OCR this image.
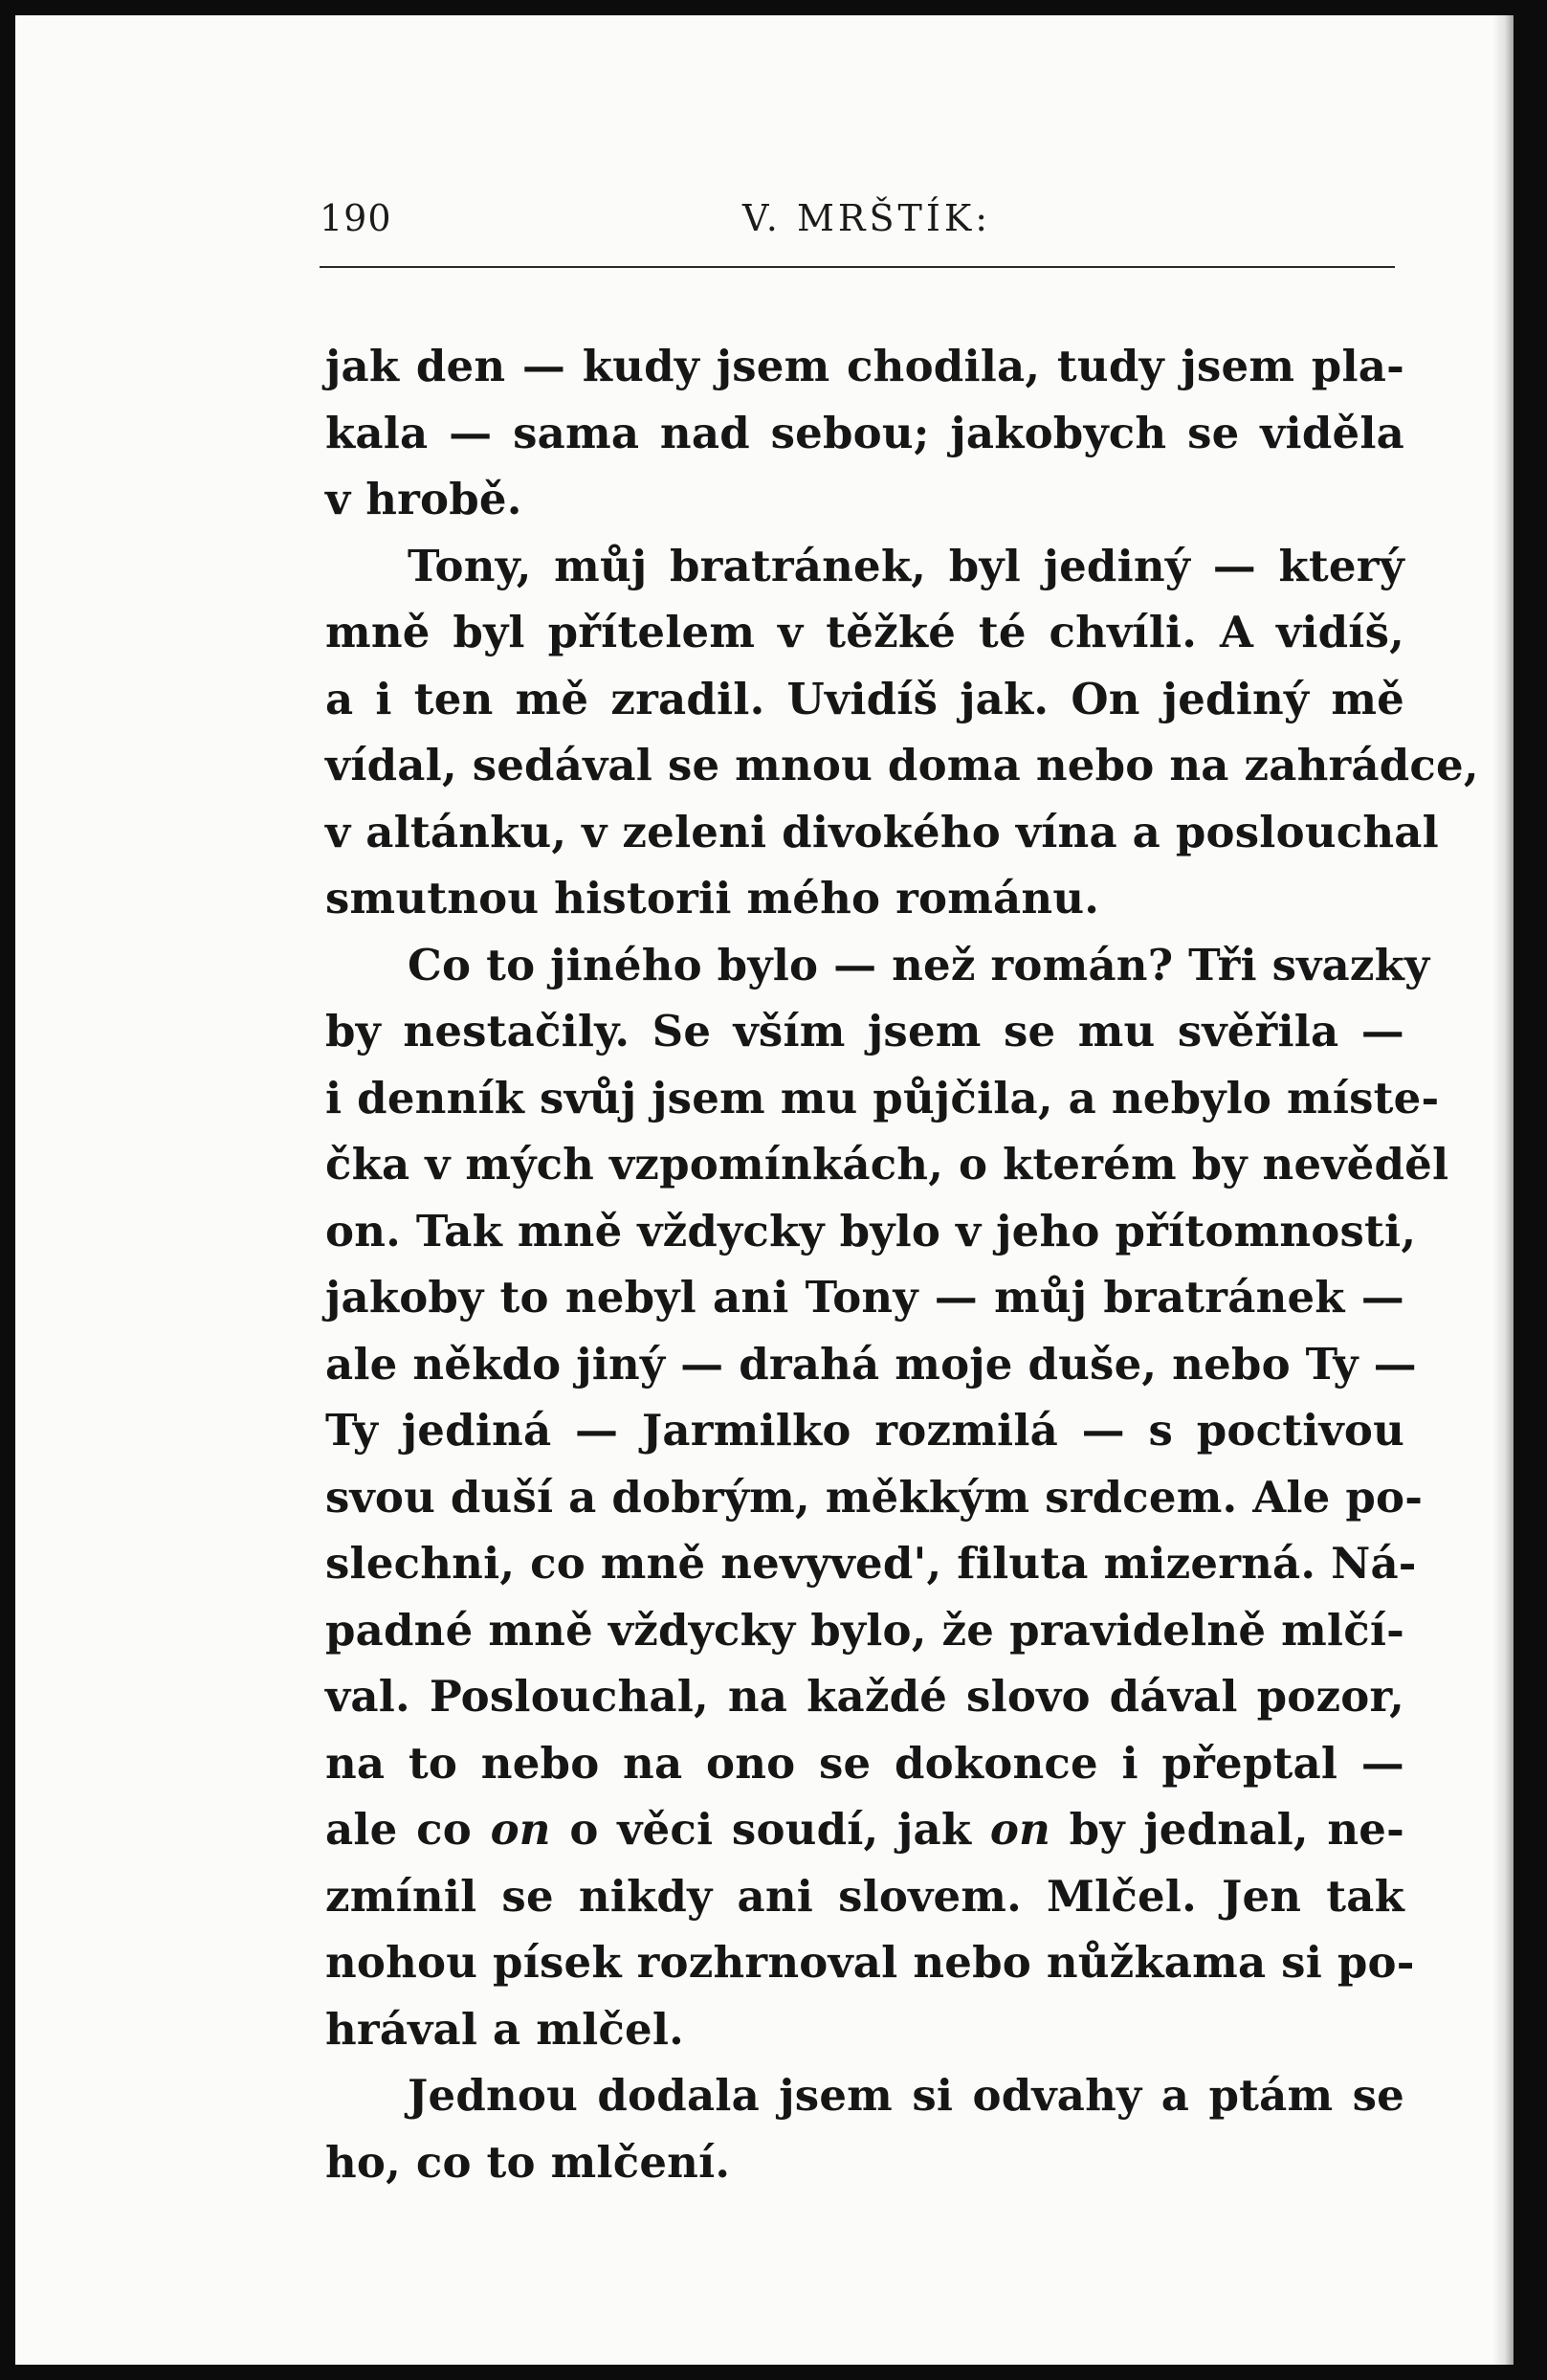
190	V. MRŠTÍK:
jak den — kudy jsem chodila, tudy jsem pla-
kala — sama nad sebou; jakobych se viděla
v hrobě.
Tony, můj bratránek, byl jediný — který
mně byl přítelem v těžké té chvíli. A vidíš,
a i ten mě zradil. Uvidíš jak. On jediný mě
vídal, sedával se mnou doma nebo na zahrádce,
v altánku, v zeleni divokého vína a poslouchal
smutnou historii mého románu.
Co to jiného bylo — než román? Tři svazky
by nestačily. Se vším jsem se mu svěřila —
i denník svůj jsem mu půjčila, a nebylo míste-
čka v mých vzpomínkách, o kterém by nevěděl
on. Tak mně vždycky bylo v jeho přítomnosti,
jakoby to nebyl ani Tony — můj bratránek —
ale někdo jiný — drahá moje duše, nebo Ty —
Ty jediná — Jarmilko rozmilá — s poctivou
svou duší a dobrým, měkkým srdcem. Ale po-
slechni, co mně nevyved', filuta mizerná. Ná-
padné mně vždycky bylo, že pravidelně mlčí-
val. Poslouchal, na každé slovo dával pozor,
na to nebo na ono se dokonce i přeptal —
ale co on o věci soudí, jak on by jednal, ne-
zmínil se nikdy ani slovem. Mlčel. Jen tak
nohou písek rozhrnoval nebo nůžkama si po-
hrával a mlčel.
Jednou dodala jsem si odvahy a ptám se
ho, co to mlčení.
